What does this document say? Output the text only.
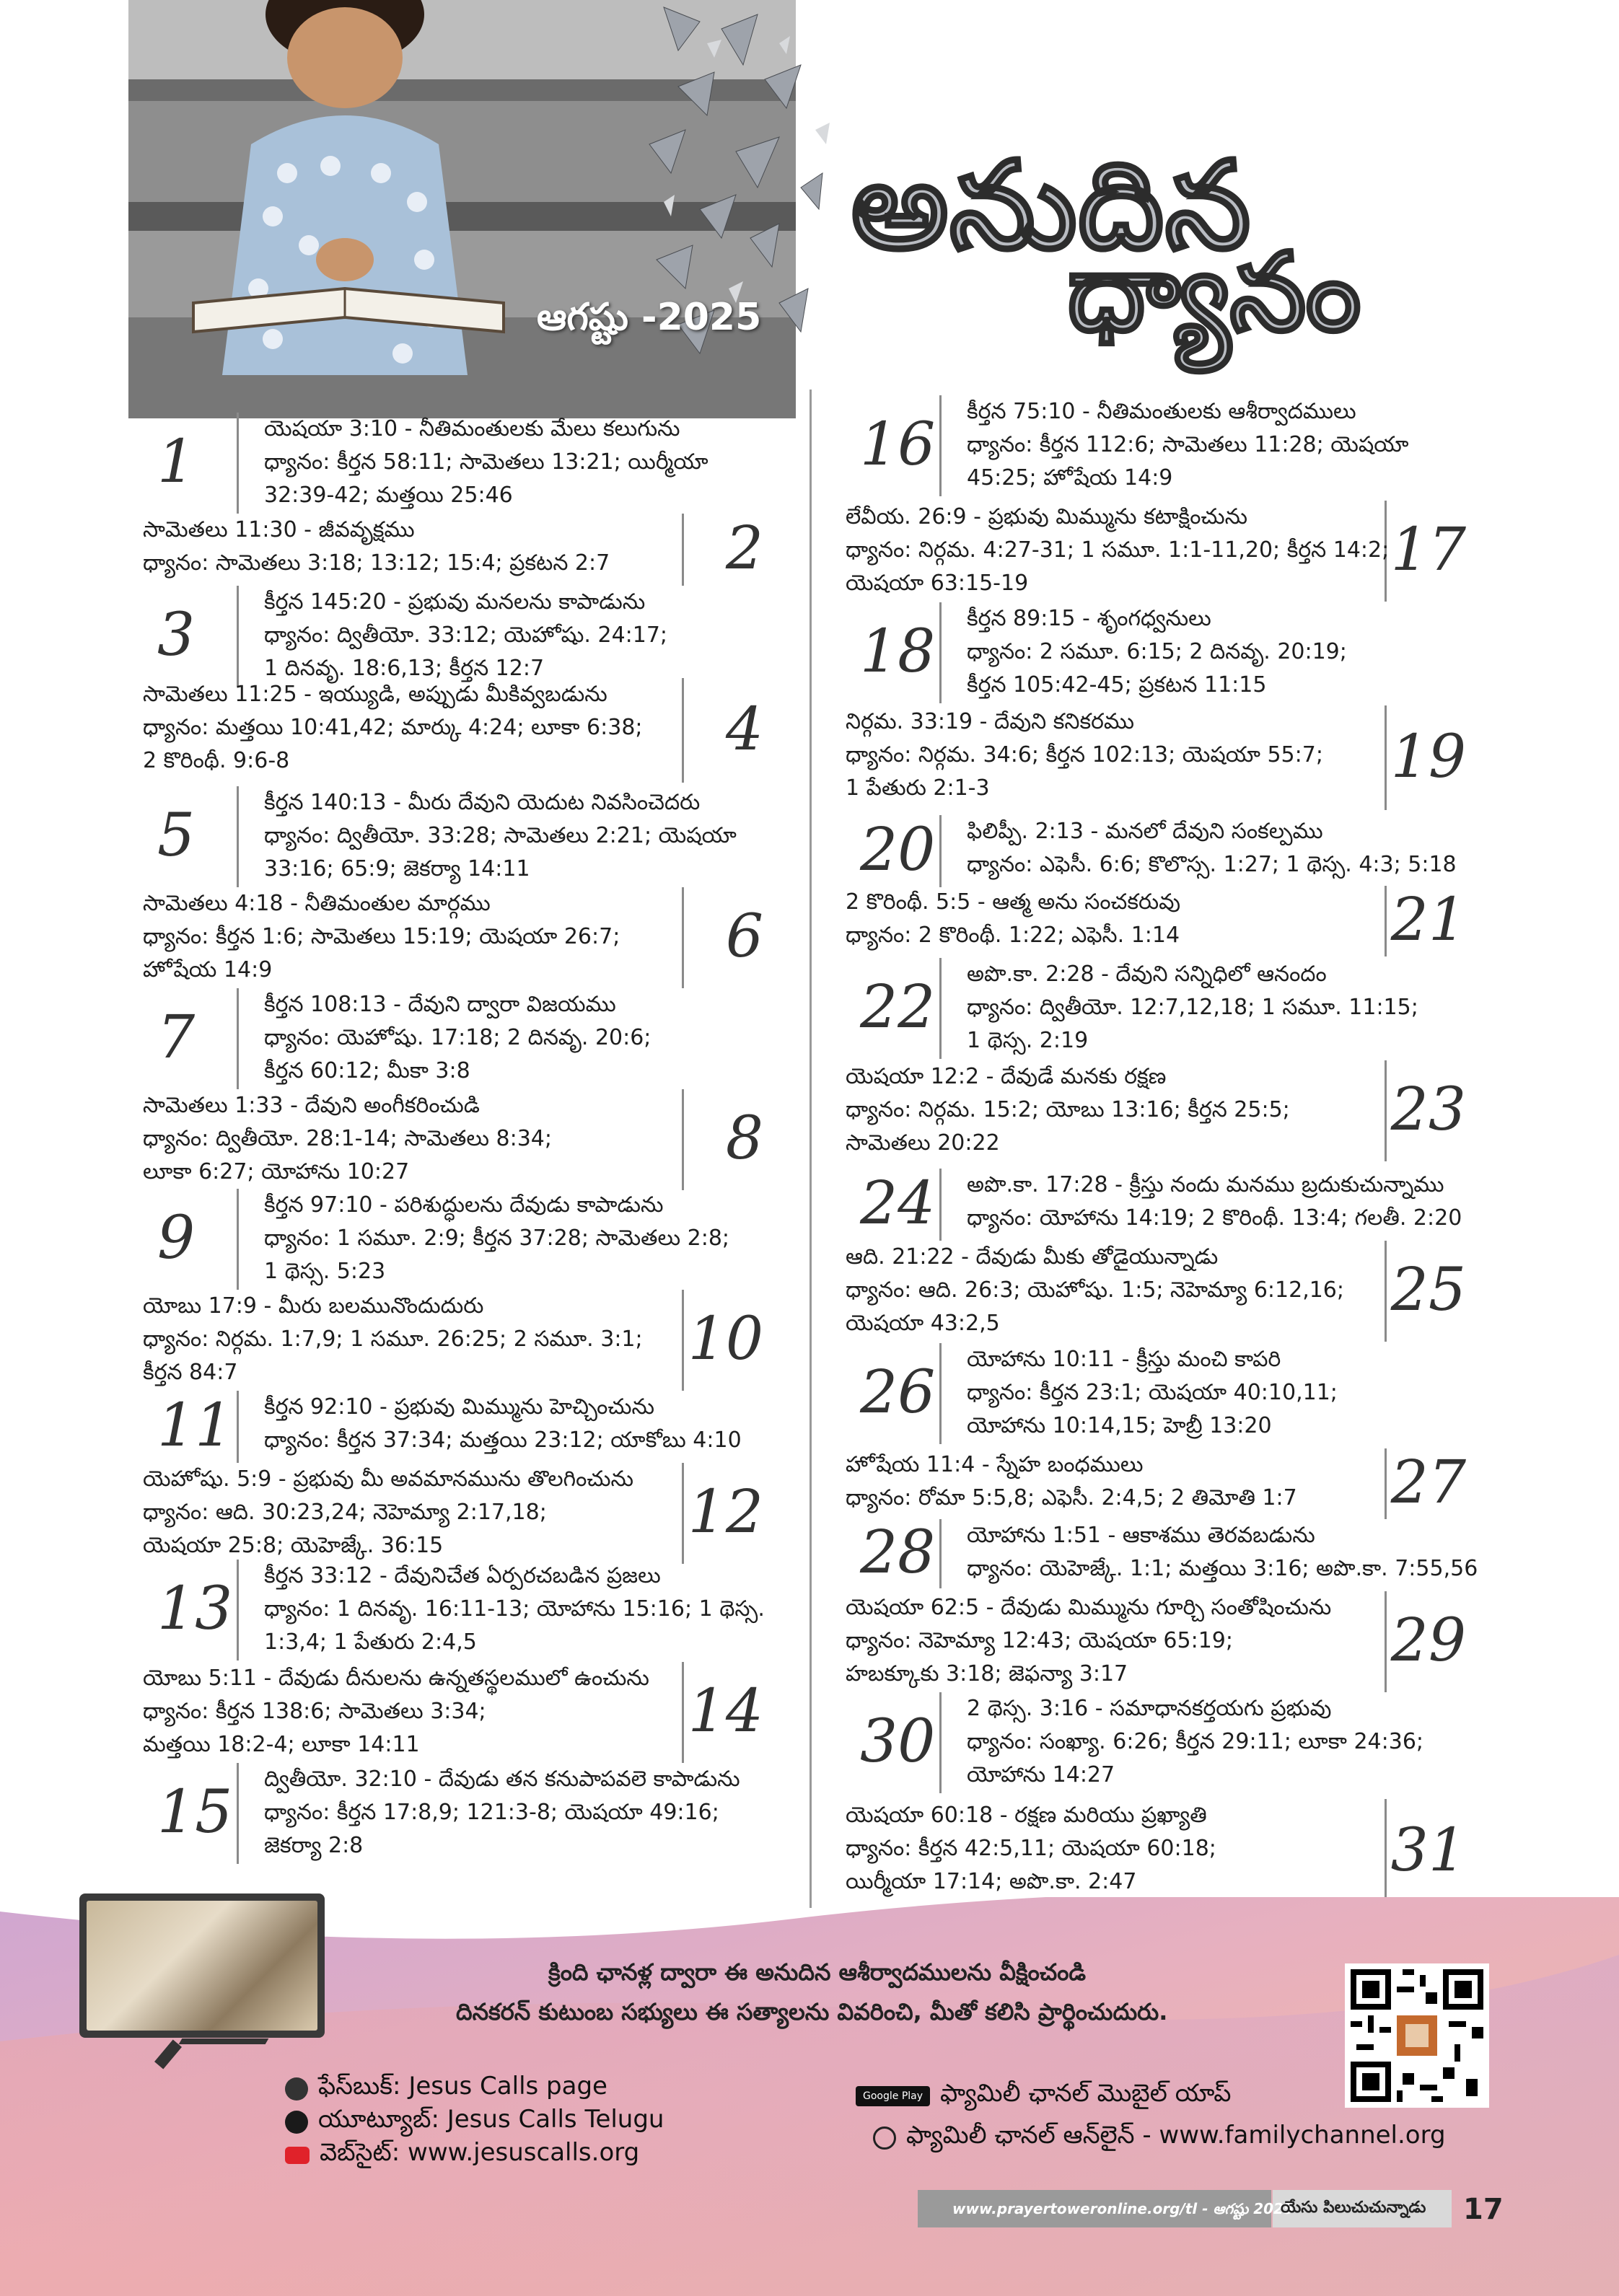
అనుదిన
ధ్యానం
ఆగష్టు -2025
1	యెషయా 3:10 - నీతిమంతులకు మేలు కలుగును
ధ్యానం: కీర్తన 58:11; సామెతలు 13:21; యిర్మీయా
32:39-42; మత్తయి 25:46
2
సామెతలు 11:30 - జీవవృక్షము
ధ్యానం: సామెతలు 3:18; 13:12; 15:4; ప్రకటన 2:7
3	కీర్తన 145:20 - ప్రభువు మనలను కాపాడును
ధ్యానం: ద్వితీయో. 33:12; యెహోషు. 24:17;
1 దినవృ. 18:6,13; కీర్తన 12:7
4
సామెతలు 11:25 - ఇయ్యుడి, అప్పుడు మీకివ్వబడును
ధ్యానం: మత్తయి 10:41,42; మార్కు 4:24; లూకా 6:38;
2 కొరింథీ. 9:6-8
5	కీర్తన 140:13 - మీరు దేవుని యెదుట నివసించెదరు
ధ్యానం: ద్వితీయో. 33:28; సామెతలు 2:21; యెషయా
33:16; 65:9; జెకర్యా 14:11
6
సామెతలు 4:18 - నీతిమంతుల మార్గము
ధ్యానం: కీర్తన 1:6; సామెతలు 15:19; యెషయా 26:7;
హోషేయ 14:9
7	కీర్తన 108:13 - దేవుని ద్వారా విజయము
ధ్యానం: యెహోషు. 17:18; 2 దినవృ. 20:6;
కీర్తన 60:12; మీకా 3:8
8
సామెతలు 1:33 - దేవుని అంగీకరించుడి
ధ్యానం: ద్వితీయో. 28:1-14; సామెతలు 8:34;
లూకా 6:27; యోహాను 10:27
9	కీర్తన 97:10 - పరిశుద్ధులను దేవుడు కాపాడును
ధ్యానం: 1 సమూ. 2:9; కీర్తన 37:28; సామెతలు 2:8;
1 థెస్స. 5:23
10
యోబు 17:9 - మీరు బలమునొందుదురు
ధ్యానం: నిర్గమ. 1:7,9; 1 సమూ. 26:25; 2 సమూ. 3:1;
కీర్తన 84:7
11 కీర్తన 92:10 - ప్రభువు మిమ్మును హెచ్చించును
ధ్యానం: కీర్తన 37:34; మత్తయి 23:12; యాకోబు 4:10
12
యెహోషు. 5:9 - ప్రభువు మీ అవమానమును తొలగించును
ధ్యానం: ఆది. 30:23,24; నెహెమ్యా 2:17,18;
యెషయా 25:8; యెహెజ్కే. 36:15
13 కీర్తన 33:12 - దేవునిచేత ఏర్పరచబడిన ప్రజలు
ధ్యానం: 1 దినవృ. 16:11-13; యోహాను 15:16; 1 థెస్స.
1:3,4; 1 పేతురు 2:4,5
14
యోబు 5:11 - దేవుడు దీనులను ఉన్నతస్థలములో ఉంచును
ధ్యానం: కీర్తన 138:6; సామెతలు 3:34;
మత్తయి 18:2-4; లూకా 14:11
15 ద్వితీయో. 32:10 - దేవుడు తన కనుపాపవలె కాపాడును
ధ్యానం: కీర్తన 17:8,9; 121:3-8; యెషయా 49:16;
జెకర్యా 2:8
16 కీర్తన 75:10 - నీతిమంతులకు ఆశీర్వాదములు
ధ్యానం: కీర్తన 112:6; సామెతలు 11:28; యెషయా
45:25; హోషేయ 14:9
17
లేవీయ. 26:9 - ప్రభువు మిమ్మును కటాక్షించును
ధ్యానం: నిర్గమ. 4:27-31; 1 సమూ. 1:1-11,20; కీర్తన 14:2;
యెషయా 63:15-19
18 కీర్తన 89:15 - శృంగధ్వనులు
ధ్యానం: 2 సమూ. 6:15; 2 దినవృ. 20:19;
కీర్తన 105:42-45; ప్రకటన 11:15
19
నిర్గమ. 33:19 - దేవుని కనికరము
ధ్యానం: నిర్గమ. 34:6; కీర్తన 102:13; యెషయా 55:7;
1 పేతురు 2:1-3
20 ఫిలిప్పీ. 2:13 - మనలో దేవుని సంకల్పము
ధ్యానం: ఎఫెసీ. 6:6; కొలొస్స. 1:27; 1 థెస్స. 4:3; 5:18
21
2 కొరింథీ. 5:5 - ఆత్మ అను సంచకరువు
ధ్యానం: 2 కొరింథీ. 1:22; ఎఫెసీ. 1:14
22 అపొ.కా. 2:28 - దేవుని సన్నిధిలో ఆనందం
ధ్యానం: ద్వితీయో. 12:7,12,18; 1 సమూ. 11:15;
1 థెస్స. 2:19
23
యెషయా 12:2 - దేవుడే మనకు రక్షణ
ధ్యానం: నిర్గమ. 15:2; యోబు 13:16; కీర్తన 25:5;
సామెతలు 20:22
24 అపొ.కా. 17:28 - క్రీస్తు నందు మనము బ్రదుకుచున్నాము
ధ్యానం: యోహాను 14:19; 2 కొరింథీ. 13:4; గలతీ. 2:20
25
ఆది. 21:22 - దేవుడు మీకు తోడైయున్నాడు
ధ్యానం: ఆది. 26:3; యెహోషు. 1:5; నెహెమ్యా 6:12,16;
యెషయా 43:2,5
26 యోహాను 10:11 - క్రీస్తు మంచి కాపరి
ధ్యానం: కీర్తన 23:1; యెషయా 40:10,11;
యోహాను 10:14,15; హెబ్రీ 13:20
27
హోషేయ 11:4 - స్నేహ బంధములు
ధ్యానం: రోమా 5:5,8; ఎఫెసీ. 2:4,5; 2 తిమోతి 1:7
28 యోహాను 1:51 - ఆకాశము తెరవబడును
ధ్యానం: యెహెజ్కే. 1:1; మత్తయి 3:16; అపొ.కా. 7:55,56
29
యెషయా 62:5 - దేవుడు మిమ్మును గూర్చి సంతోషించును
ధ్యానం: నెహెమ్యా 12:43; యెషయా 65:19;
హబక్కూకు 3:18; జెఫన్యా 3:17
30 2 థెస్స. 3:16 - సమాధానకర్తయగు ప్రభువు
ధ్యానం: సంఖ్యా. 6:26; కీర్తన 29:11; లూకా 24:36;
యోహాను 14:27
31
యెషయా 60:18 - రక్షణ మరియు ప్రఖ్యాతి
ధ్యానం: కీర్తన 42:5,11; యెషయా 60:18;
యిర్మీయా 17:14; అపొ.కా. 2:47
క్రింది ఛానళ్ల ద్వారా ఈ అనుదిన ఆశీర్వాదములను వీక్షించండి
దినకరన్ కుటుంబ సభ్యులు ఈ సత్యాలను వివరించి, మీతో కలిసి ప్రార్థించుదురు.
ఫేస్‌బుక్: Jesus Calls page
యూట్యూబ్: Jesus Calls Telugu
వెబ్‌సైట్: www.jesuscalls.org
Google Play ఫ్యామిలీ ఛానల్ మొబైల్ యాప్
ఫ్యామిలీ ఛానల్ ఆన్‌లైన్ - www.familychannel.org
www.prayertoweronline.org/tl - ఆగష్టు 2025
యేసు పిలుచుచున్నాడు 17
